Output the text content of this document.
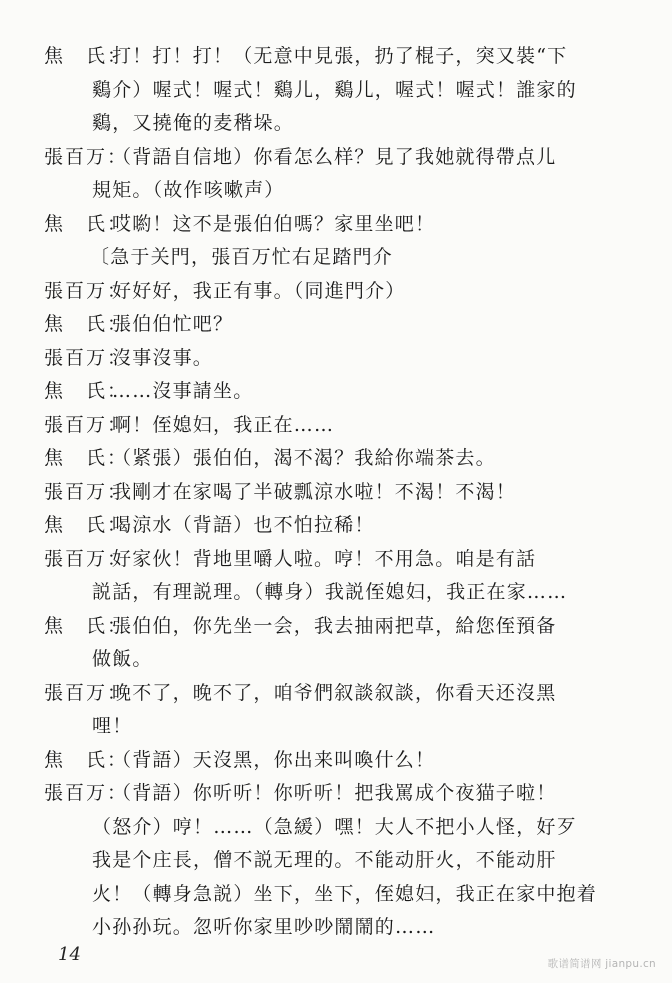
焦　氏：打！打！打！（无意中見張，扔了棍子，突又裝“下
鷄介）喔式！喔式！鷄儿，鷄儿，喔式！喔式！誰家的
鷄，又撓俺的麦稭垛。
張百万：（背語自信地）你看怎么样？見了我她就得帶点儿
規矩。（故作咳嗽声）
焦　氏：哎喲！这不是張伯伯嗎？家里坐吧！
〔急于关門，張百万忙右足踏門介
張百万：好好好，我正有事。（同進門介）
焦　氏：張伯伯忙吧？
張百万：沒事沒事。
焦　氏：……沒事請坐。
張百万：啊！侄媳妇，我正在……
焦　氏：（紧張）張伯伯，渴不渴？我給你端茶去。
張百万：我剛才在家喝了半破瓢涼水啦！不渴！不渴！
焦　氏：喝涼水（背語）也不怕拉稀！
張百万：好家伙！背地里嚼人啦。哼！不用急。咱是有話
説話，有理説理。（轉身）我説侄媳妇，我正在家……
焦　氏：張伯伯，你先坐一会，我去抽兩把草，給您侄預备
做飯。
張百万：晚不了，晚不了，咱爷們叙談叙談，你看天还沒黑
哩！
焦　氏：（背語）天沒黑，你出来叫喚什么！
張百万：（背語）你听听！你听听！把我罵成个夜猫子啦！
（怒介）哼！……（急緩）嘿！大人不把小人怪，好歹
我是个庄長，僧不説无理的。不能动肝火，不能动肝
火！（轉身急説）坐下，坐下，侄媳妇，我正在家中抱着
小孙孙玩。忽听你家里吵吵鬧鬧的……
14	歌谱简谱网 jianpu.cn
